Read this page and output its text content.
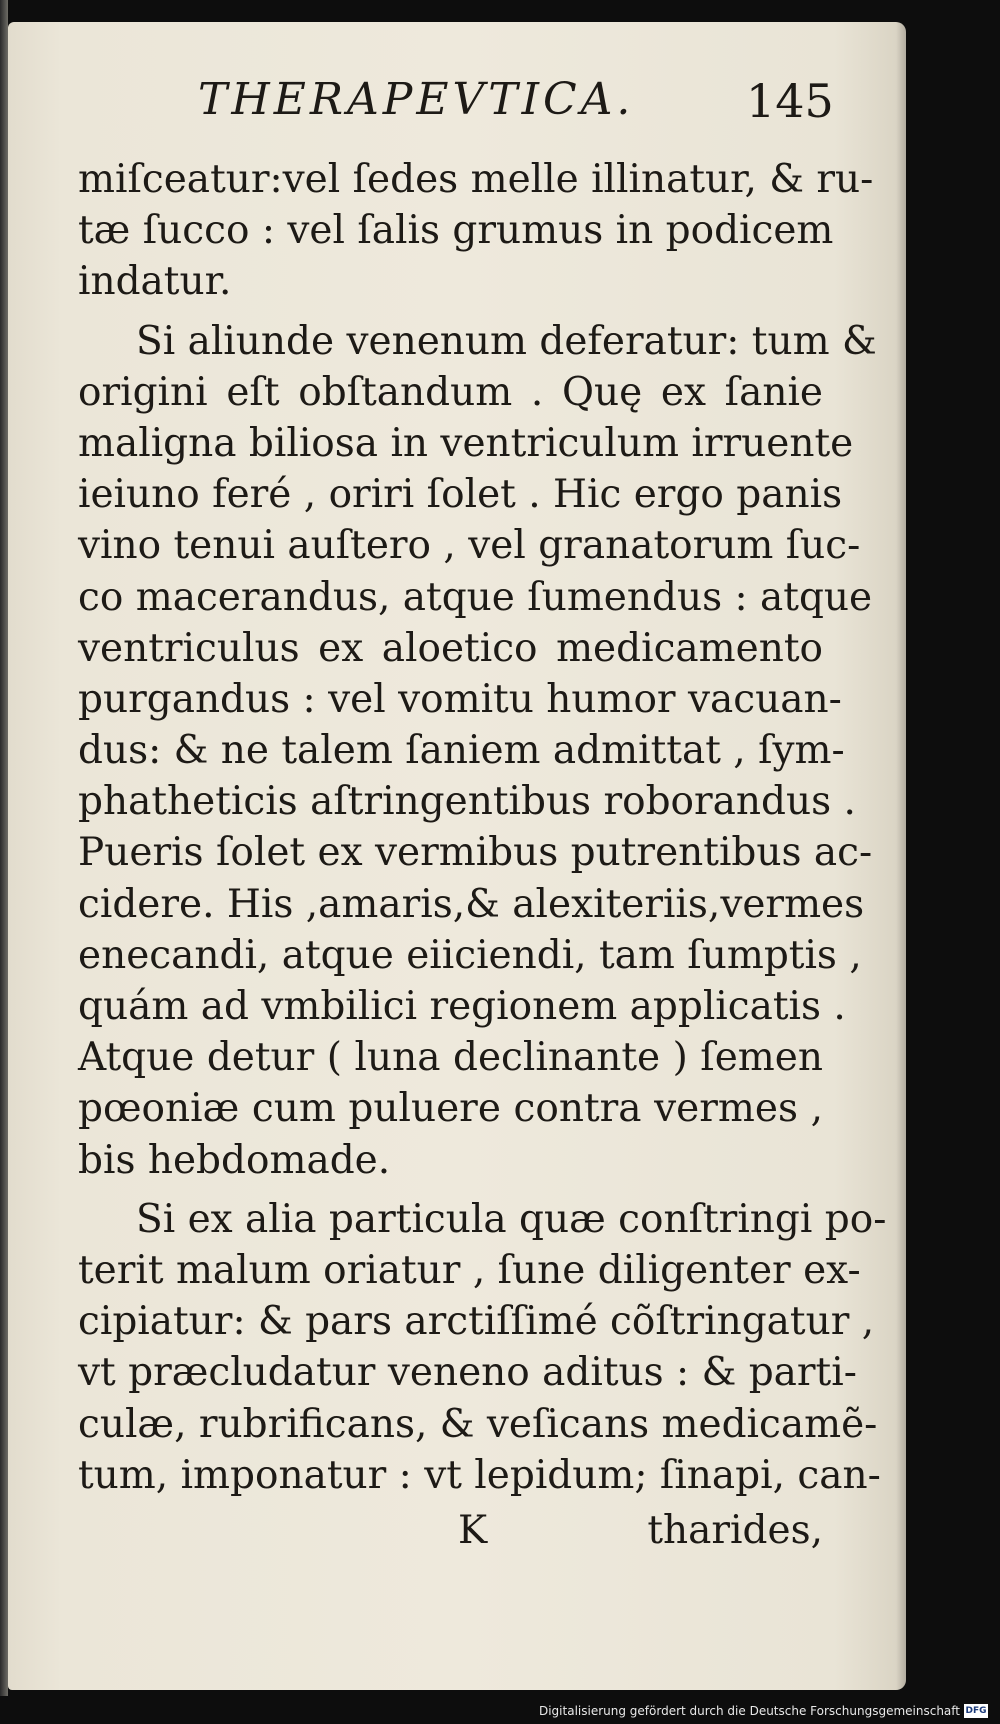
THERAPEVTICA. 145
miſceatur:vel ſedes melle illinatur, & ru-
tæ ſucco : vel ſalis grumus in podicem
indatur.
Si aliunde venenum deferatur: tum &
origini eſt obſtandum . Quę ex ſanie
maligna biliosa in ventriculum irruente
ieiuno feré , oriri ſolet . Hic ergo panis
vino tenui auſtero , vel granatorum ſuc-
co macerandus, atque ſumendus : atque
ventriculus ex aloetico medicamento
purgandus : vel vomitu humor vacuan-
dus: & ne talem ſaniem admittat , ſym-
phatheticis aſtringentibus roborandus .
Pueris ſolet ex vermibus putrentibus ac-
cidere. His ,amaris,& alexiteriis,vermes
enecandi, atque eiiciendi, tam ſumptis ,
quám ad vmbilici regionem applicatis .
Atque detur ( luna declinante ) ſemen
pœoniæ cum puluere contra vermes ,
bis hebdomade.
Si ex alia particula quæ conſtringi po-
terit malum oriatur , ſune diligenter ex-
cipiatur: & pars arctiſſimé cõſtringatur ,
vt præcludatur veneno aditus : & parti-
culæ, rubrificans, & veſicans medicamẽ-
tum, imponatur : vt lepidum; ſinapi, can-
K	tharides,
Digitalisierung gefördert durch die Deutsche Forschungsgemeinschaft DFG
